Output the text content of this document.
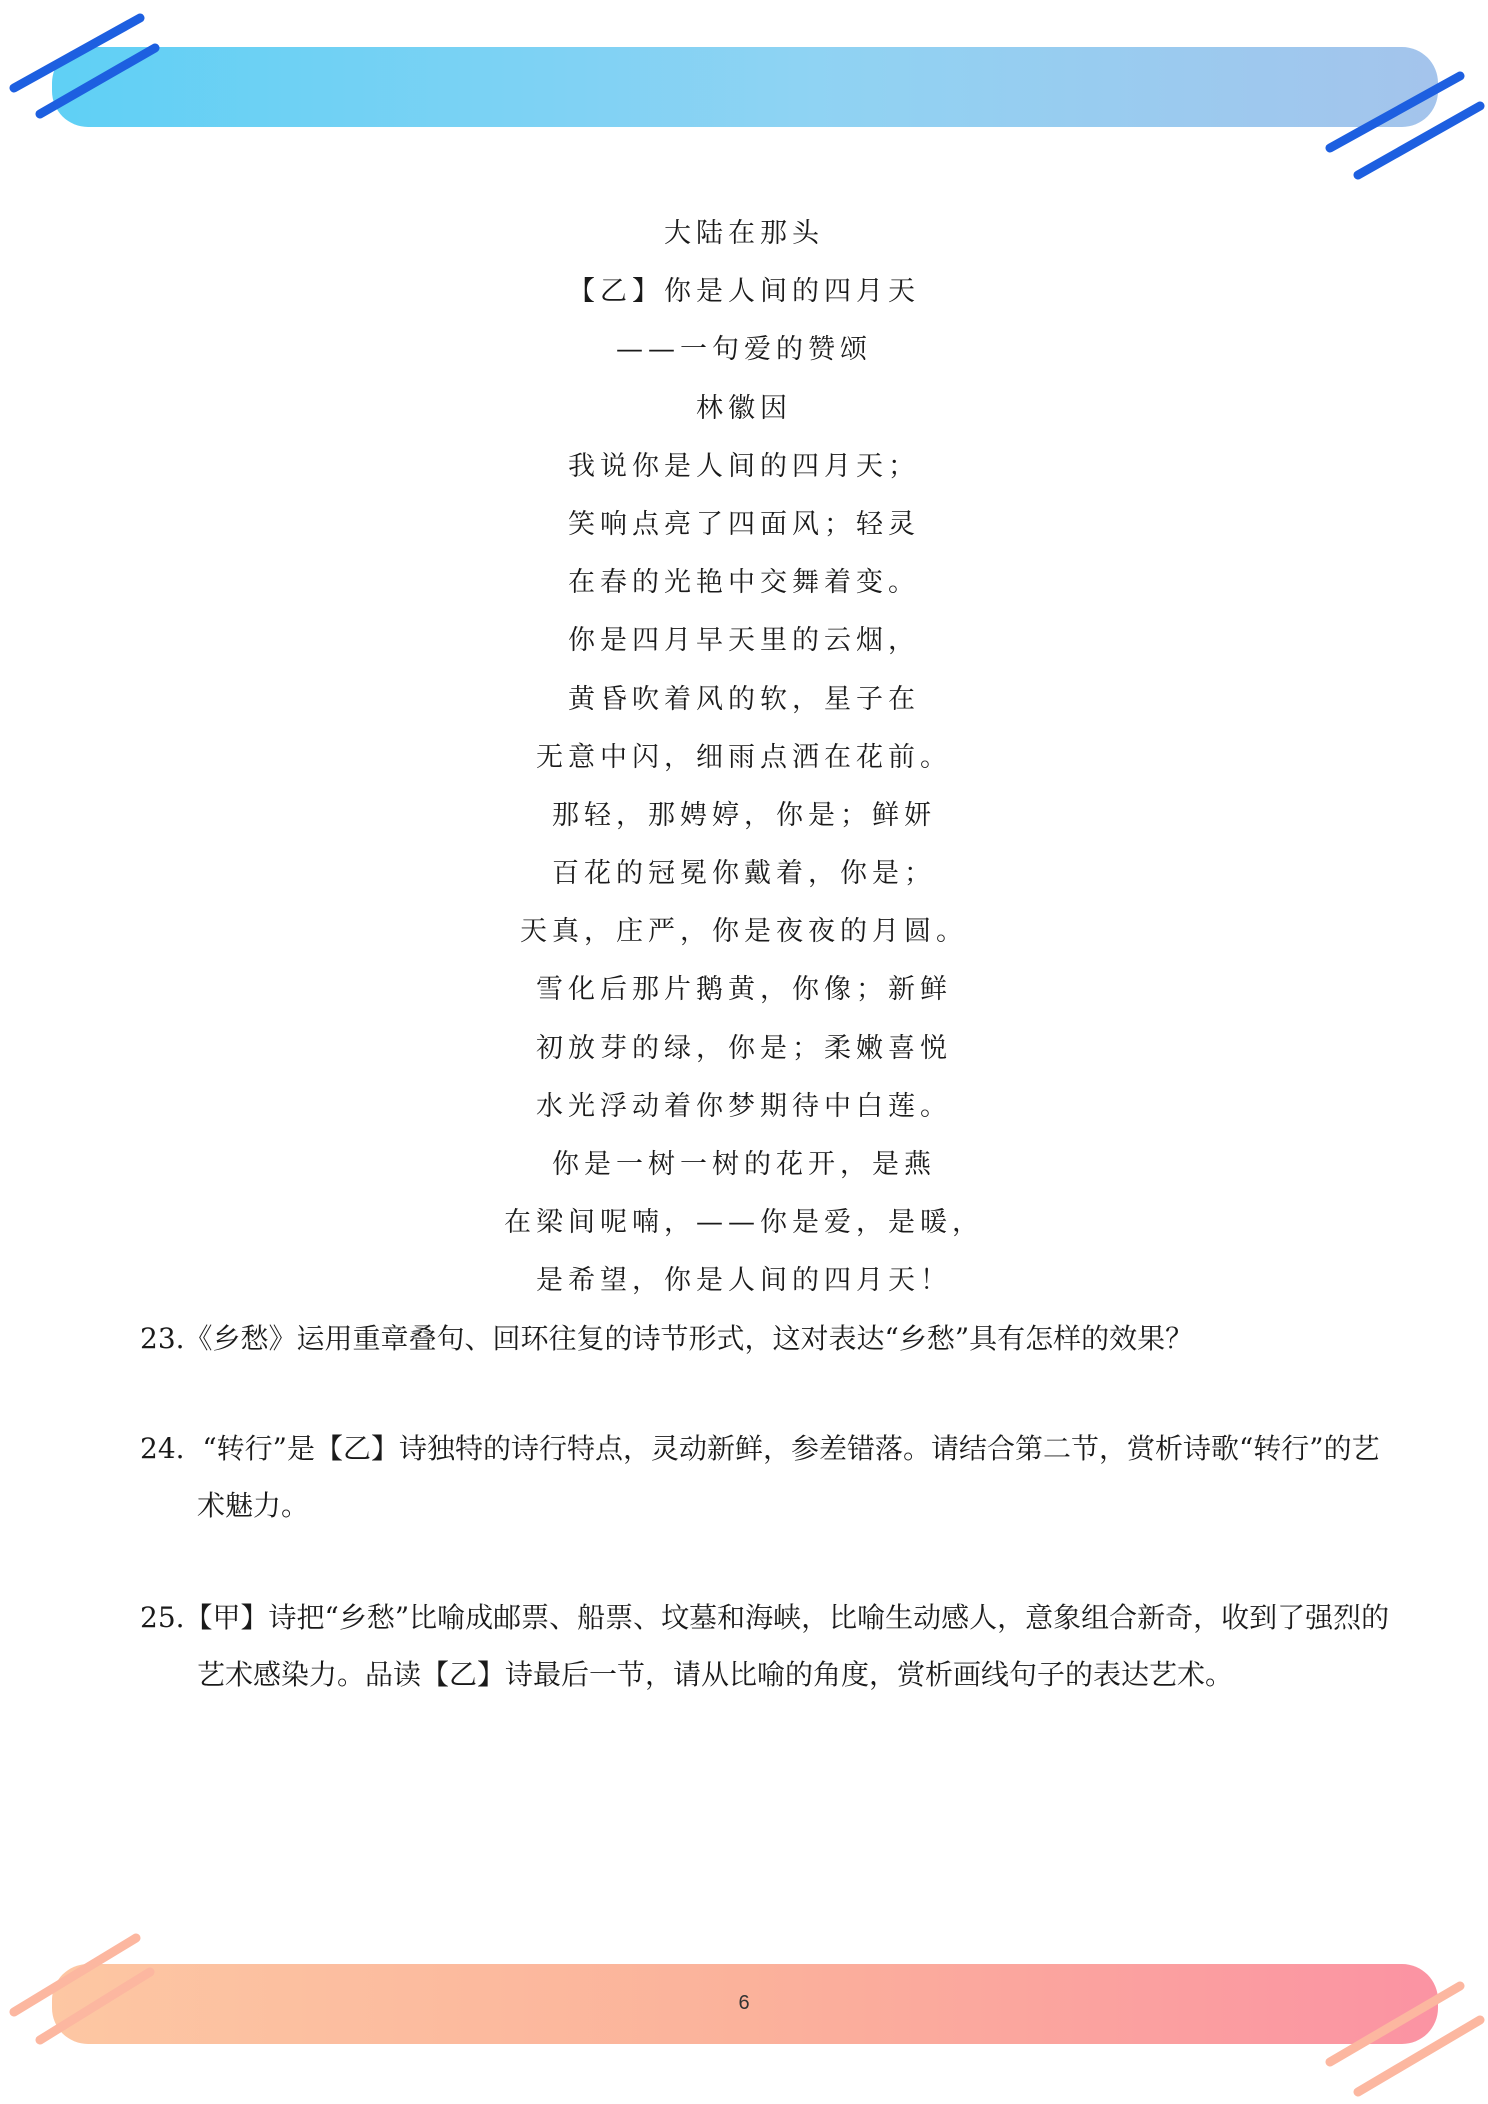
大陆在那头
【乙】你是人间的四月天
——一句爱的赞颂
林徽因
我说你是人间的四月天；
笑响点亮了四面风；轻灵
在春的光艳中交舞着变。
你是四月早天里的云烟，
黄昏吹着风的软，星子在
无意中闪，细雨点洒在花前。
那轻，那娉婷，你是；鲜妍
百花的冠冕你戴着，你是；
天真，庄严，你是夜夜的月圆。
雪化后那片鹅黄，你像；新鲜
初放芽的绿，你是；柔嫩喜悦
水光浮动着你梦期待中白莲。
你是一树一树的花开，是燕
在梁间呢喃，——你是爱，是暖，
是希望，你是人间的四月天！

23.《乡愁》运用重章叠句、回环往复的诗节形式，这对表达“乡愁”具有怎样的效果？

24. “转行”是【乙】诗独特的诗行特点，灵动新鲜，参差错落。请结合第二节，赏析诗歌“转行”的艺术魅力。

25.【甲】诗把“乡愁”比喻成邮票、船票、坟墓和海峡，比喻生动感人，意象组合新奇，收到了强烈的艺术感染力。品读【乙】诗最后一节，请从比喻的角度，赏析画线句子的表达艺术。

6
